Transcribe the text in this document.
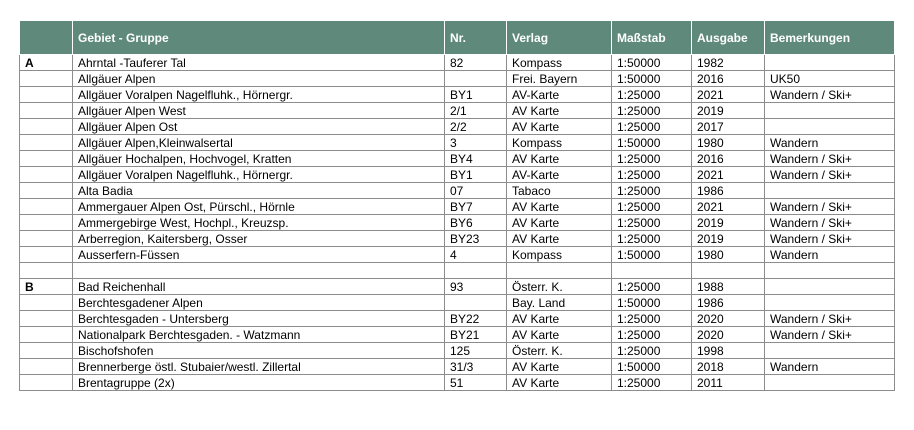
	Gebiet - Gruppe	Nr.	Verlag	Maßstab	Ausgabe	Bemerkungen
A	Ahrntal -Tauferer Tal	82	Kompass	1:50000	1982	
	Allgäuer Alpen		Frei. Bayern	1:50000	2016	UK50
	Allgäuer Voralpen Nagelfluhk., Hörnergr.	BY1	AV-Karte	1:25000	2021	Wandern / Ski+
	Allgäuer Alpen West	2/1	AV Karte	1:25000	2019	
	Allgäuer Alpen Ost	2/2	AV Karte	1:25000	2017	
	Allgäuer Alpen,Kleinwalsertal	3	Kompass	1:50000	1980	Wandern
	Allgäuer Hochalpen, Hochvogel, Kratten	BY4	AV Karte	1:25000	2016	Wandern / Ski+
	Allgäuer Voralpen Nagelfluhk., Hörnergr.	BY1	AV-Karte	1:25000	2021	Wandern / Ski+
	Alta Badia	07	Tabaco	1:25000	1986	
	Ammergauer Alpen Ost, Pürschl., Hörnle	BY7	AV Karte	1:25000	2021	Wandern / Ski+
	Ammergebirge West, Hochpl., Kreuzsp.	BY6	AV Karte	1:25000	2019	Wandern / Ski+
	Arberregion, Kaitersberg, Osser	BY23	AV Karte	1:25000	2019	Wandern / Ski+
	Ausserfern-Füssen	4	Kompass	1:50000	1980	Wandern

B	Bad Reichenhall	93	Österr. K.	1:25000	1988	
	Berchtesgadener Alpen		Bay. Land	1:50000	1986	
	Berchtesgaden - Untersberg	BY22	AV Karte	1:25000	2020	Wandern / Ski+
	Nationalpark Berchtesgaden. - Watzmann	BY21	AV Karte	1:25000	2020	Wandern / Ski+
	Bischofshofen	125	Österr. K.	1:25000	1998	
	Brennerberge östl. Stubaier/westl. Zillertal	31/3	AV Karte	1:50000	2018	Wandern
	Brentagruppe (2x)	51	AV Karte	1:25000	2011	
